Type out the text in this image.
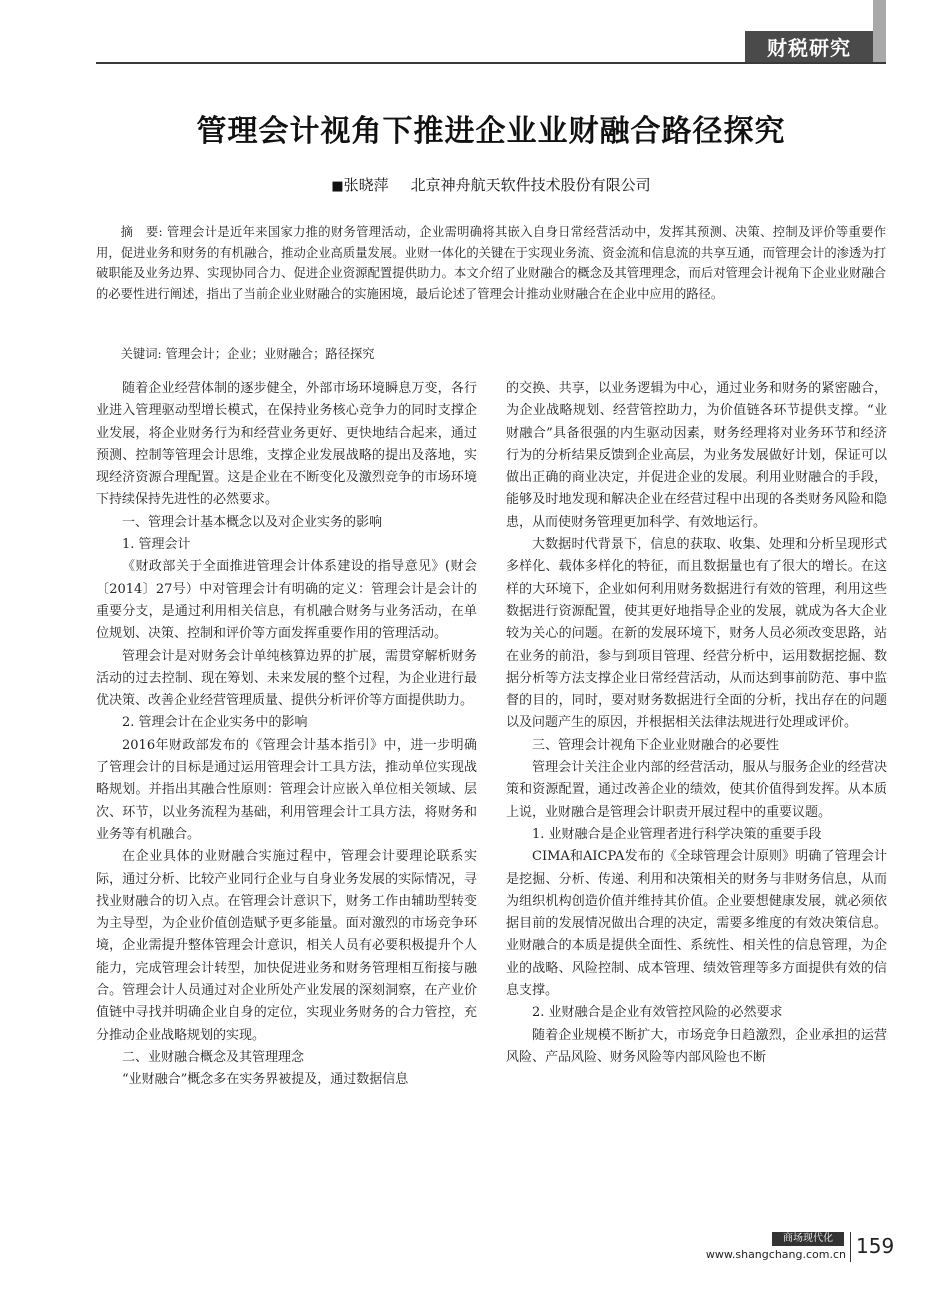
财税研究
管理会计视角下推进企业业财融合路径探究
■张晓萍 北京神舟航天软件技术股份有限公司

摘　要: 管理会计是近年来国家力推的财务管理活动，企业需明确将其嵌入自身日常经营活动中，发挥其预测、决策、控制及评价等重要作用，促进业务和财务的有机融合，推动企业高质量发展。业财一体化的关键在于实现业务流、资金流和信息流的共享互通，而管理会计的渗透为打破职能及业务边界、实现协同合力、促进企业资源配置提供助力。本文介绍了业财融合的概念及其管理理念，而后对管理会计视角下企业业财融合的必要性进行阐述，指出了当前企业业财融合的实施困境，最后论述了管理会计推动业财融合在企业中应用的路径。

关键词: 管理会计；企业；业财融合；路径探究

随着企业经营体制的逐步健全，外部市场环境瞬息万变，各行业进入管理驱动型增长模式，在保持业务核心竞争力的同时支撑企业发展，将企业财务行为和经营业务更好、更快地结合起来，通过预测、控制等管理会计思维，支撑企业发展战略的提出及落地，实现经济资源合理配置。这是企业在不断变化及激烈竞争的市场环境下持续保持先进性的必然要求。

一、管理会计基本概念以及对企业实务的影响

1. 管理会计

《财政部关于全面推进管理会计体系建设的指导意见》(财会〔2014〕27号）中对管理会计有明确的定义：管理会计是会计的重要分支，是通过利用相关信息，有机融合财务与业务活动，在单位规划、决策、控制和评价等方面发挥重要作用的管理活动。

管理会计是对财务会计单纯核算边界的扩展，需贯穿解析财务活动的过去控制、现在筹划、未来发展的整个过程，为企业进行最优决策、改善企业经营管理质量、提供分析评价等方面提供助力。

2. 管理会计在企业实务中的影响

2016年财政部发布的《管理会计基本指引》中，进一步明确了管理会计的目标是通过运用管理会计工具方法，推动单位实现战略规划。并指出其融合性原则：管理会计应嵌入单位相关领域、层次、环节，以业务流程为基础，利用管理会计工具方法，将财务和业务等有机融合。

在企业具体的业财融合实施过程中，管理会计要理论联系实际，通过分析、比较产业同行企业与自身业务发展的实际情况，寻找业财融合的切入点。在管理会计意识下，财务工作由辅助型转变为主导型，为企业价值创造赋予更多能量。面对激烈的市场竞争环境，企业需提升整体管理会计意识，相关人员有必要积极提升个人能力，完成管理会计转型，加快促进业务和财务管理相互衔接与融合。管理会计人员通过对企业所处产业发展的深刻洞察，在产业价值链中寻找并明确企业自身的定位，实现业务财务的合力管控，充分推动企业战略规划的实现。

二、业财融合概念及其管理理念

“业财融合”概念多在实务界被提及，通过数据信息

的交换、共享，以业务逻辑为中心，通过业务和财务的紧密融合，为企业战略规划、经营管控助力，为价值链各环节提供支撑。“业财融合”具备很强的内生驱动因素，财务经理将对业务环节和经济行为的分析结果反馈到企业高层，为业务发展做好计划，保证可以做出正确的商业决定，并促进企业的发展。利用业财融合的手段，能够及时地发现和解决企业在经营过程中出现的各类财务风险和隐患，从而使财务管理更加科学、有效地运行。

大数据时代背景下，信息的获取、收集、处理和分析呈现形式多样化、载体多样化的特征，而且数据量也有了很大的增长。在这样的大环境下，企业如何利用财务数据进行有效的管理，利用这些数据进行资源配置，使其更好地指导企业的发展，就成为各大企业较为关心的问题。在新的发展环境下，财务人员必须改变思路，站在业务的前沿，参与到项目管理、经营分析中，运用数据挖掘、数据分析等方法支撑企业日常经营活动，从而达到事前防范、事中监督的目的，同时，要对财务数据进行全面的分析，找出存在的问题以及问题产生的原因，并根据相关法律法规进行处理或评价。

三、管理会计视角下企业业财融合的必要性

管理会计关注企业内部的经营活动，服从与服务企业的经营决策和资源配置，通过改善企业的绩效，使其价值得到发挥。从本质上说，业财融合是管理会计职责开展过程中的重要议题。

1. 业财融合是企业管理者进行科学决策的重要手段

CIMA和AICPA发布的《全球管理会计原则》明确了管理会计是挖掘、分析、传递、利用和决策相关的财务与非财务信息，从而为组织机构创造价值并维持其价值。企业要想健康发展，就必须依据目前的发展情况做出合理的决定，需要多维度的有效决策信息。业财融合的本质是提供全面性、系统性、相关性的信息管理，为企业的战略、风险控制、成本管理、绩效管理等多方面提供有效的信息支撑。

2. 业财融合是企业有效管控风险的必然要求

随着企业规模不断扩大，市场竞争日趋激烈，企业承担的运营风险、产品风险、财务风险等内部风险也不断

商场现代化
www.shangchang.com.cn 159
